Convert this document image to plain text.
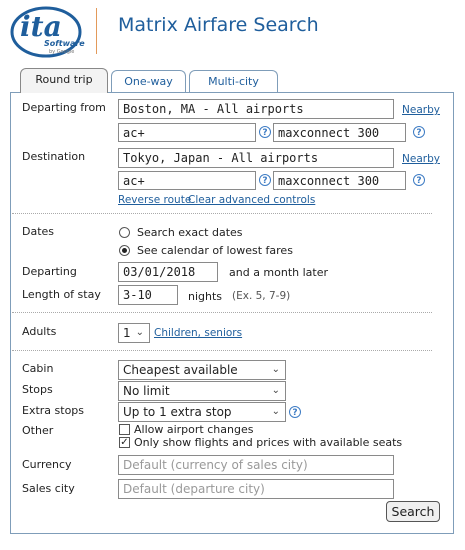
ita
Software
by Google
Matrix Airfare Search
Round trip	One-way	Multi-city
Departing from	Boston, MA - All airports	Nearby
ac+	? maxconnect 300	?
Destination	Tokyo, Japan - All airports	Nearby
ac+	? maxconnect 300	?
Reverse route
Clear advanced controls
Dates	Search exact dates
See calendar of lowest fares
Departing	03/01/2018	and a month later
Length of stay	3-10	nights (Ex. 5, 7-9)
Adults	1 ⌄ Children, seniors
Cabin	Cheapest available	⌄
Stops	No limit	⌄
Extra stops	Up to 1 extra stop	⌄	?
Other	Allow airport changes
✓ Only show flights and prices with available seats
Currency	Default (currency of sales city)
Sales city	Default (departure city)
Search
